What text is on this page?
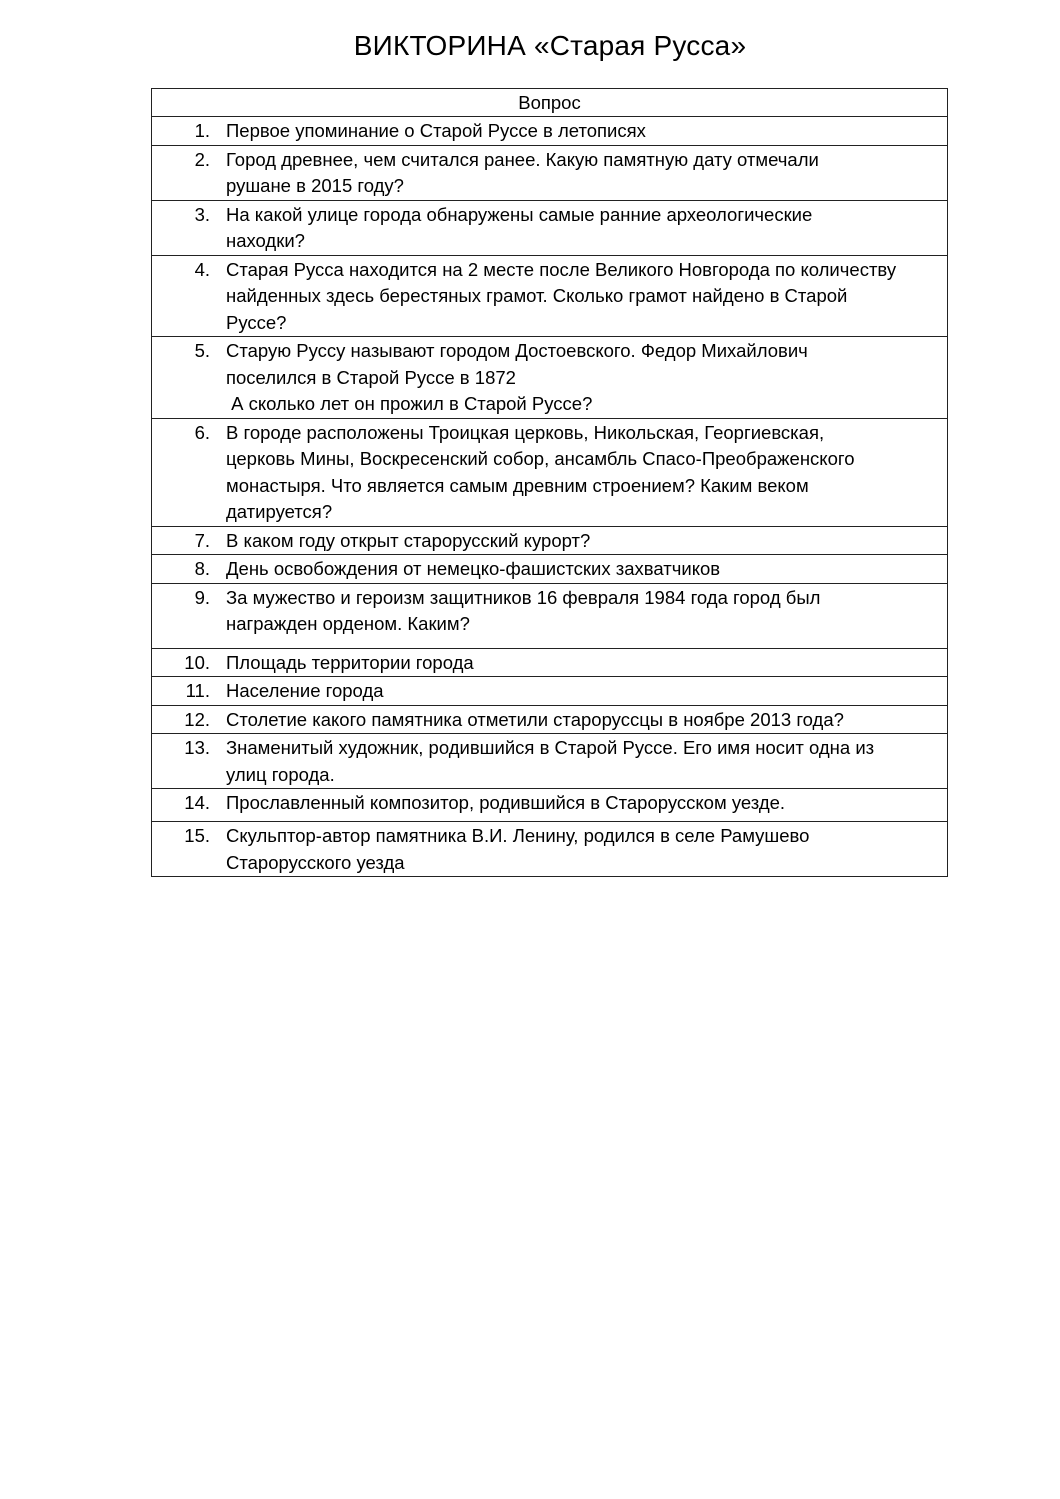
ВИКТОРИНА «Старая Русса»
Вопрос

1. Первое упоминание о Старой Руссе в летописях

2. Город древнее, чем считался ранее. Какую памятную дату отмечали
рушане в 2015 году?

3. На какой улице города обнаружены самые ранние археологические
находки?

4. Старая Русса находится на 2 месте после Великого Новгорода по количеству
найденных здесь берестяных грамот. Сколько грамот найдено в Старой
Руссе?

5. Старую Руссу называют городом Достоевского. Федор Михайлович
поселился в Старой Руссе в 1872
А сколько лет он прожил в Старой Руссе?

6. В городе расположены Троицкая церковь, Никольская, Георгиевская,
церковь Мины, Воскресенский собор, ансамбль Спасо-Преображенского
монастыря. Что является самым древним строением? Каким веком
датируется?

7. В каком году открыт старорусский курорт?

8. День освобождения от немецко-фашистских захватчиков

9. За мужество и героизм защитников 16 февраля 1984 года город был
награжден орденом. Каким?

10. Площадь территории города

11. Население города

12. Столетие какого памятника отметили старорусcцы в ноябре 2013 года?

13. Знаменитый художник, родившийся в Старой Руссе. Его имя носит одна из
улиц города.

14. Прославленный композитор, родившийся в Старорусском уезде.

15. Скульптор-автор памятника В.И. Ленину, родился в селе Рамушево
Старорусского уезда
